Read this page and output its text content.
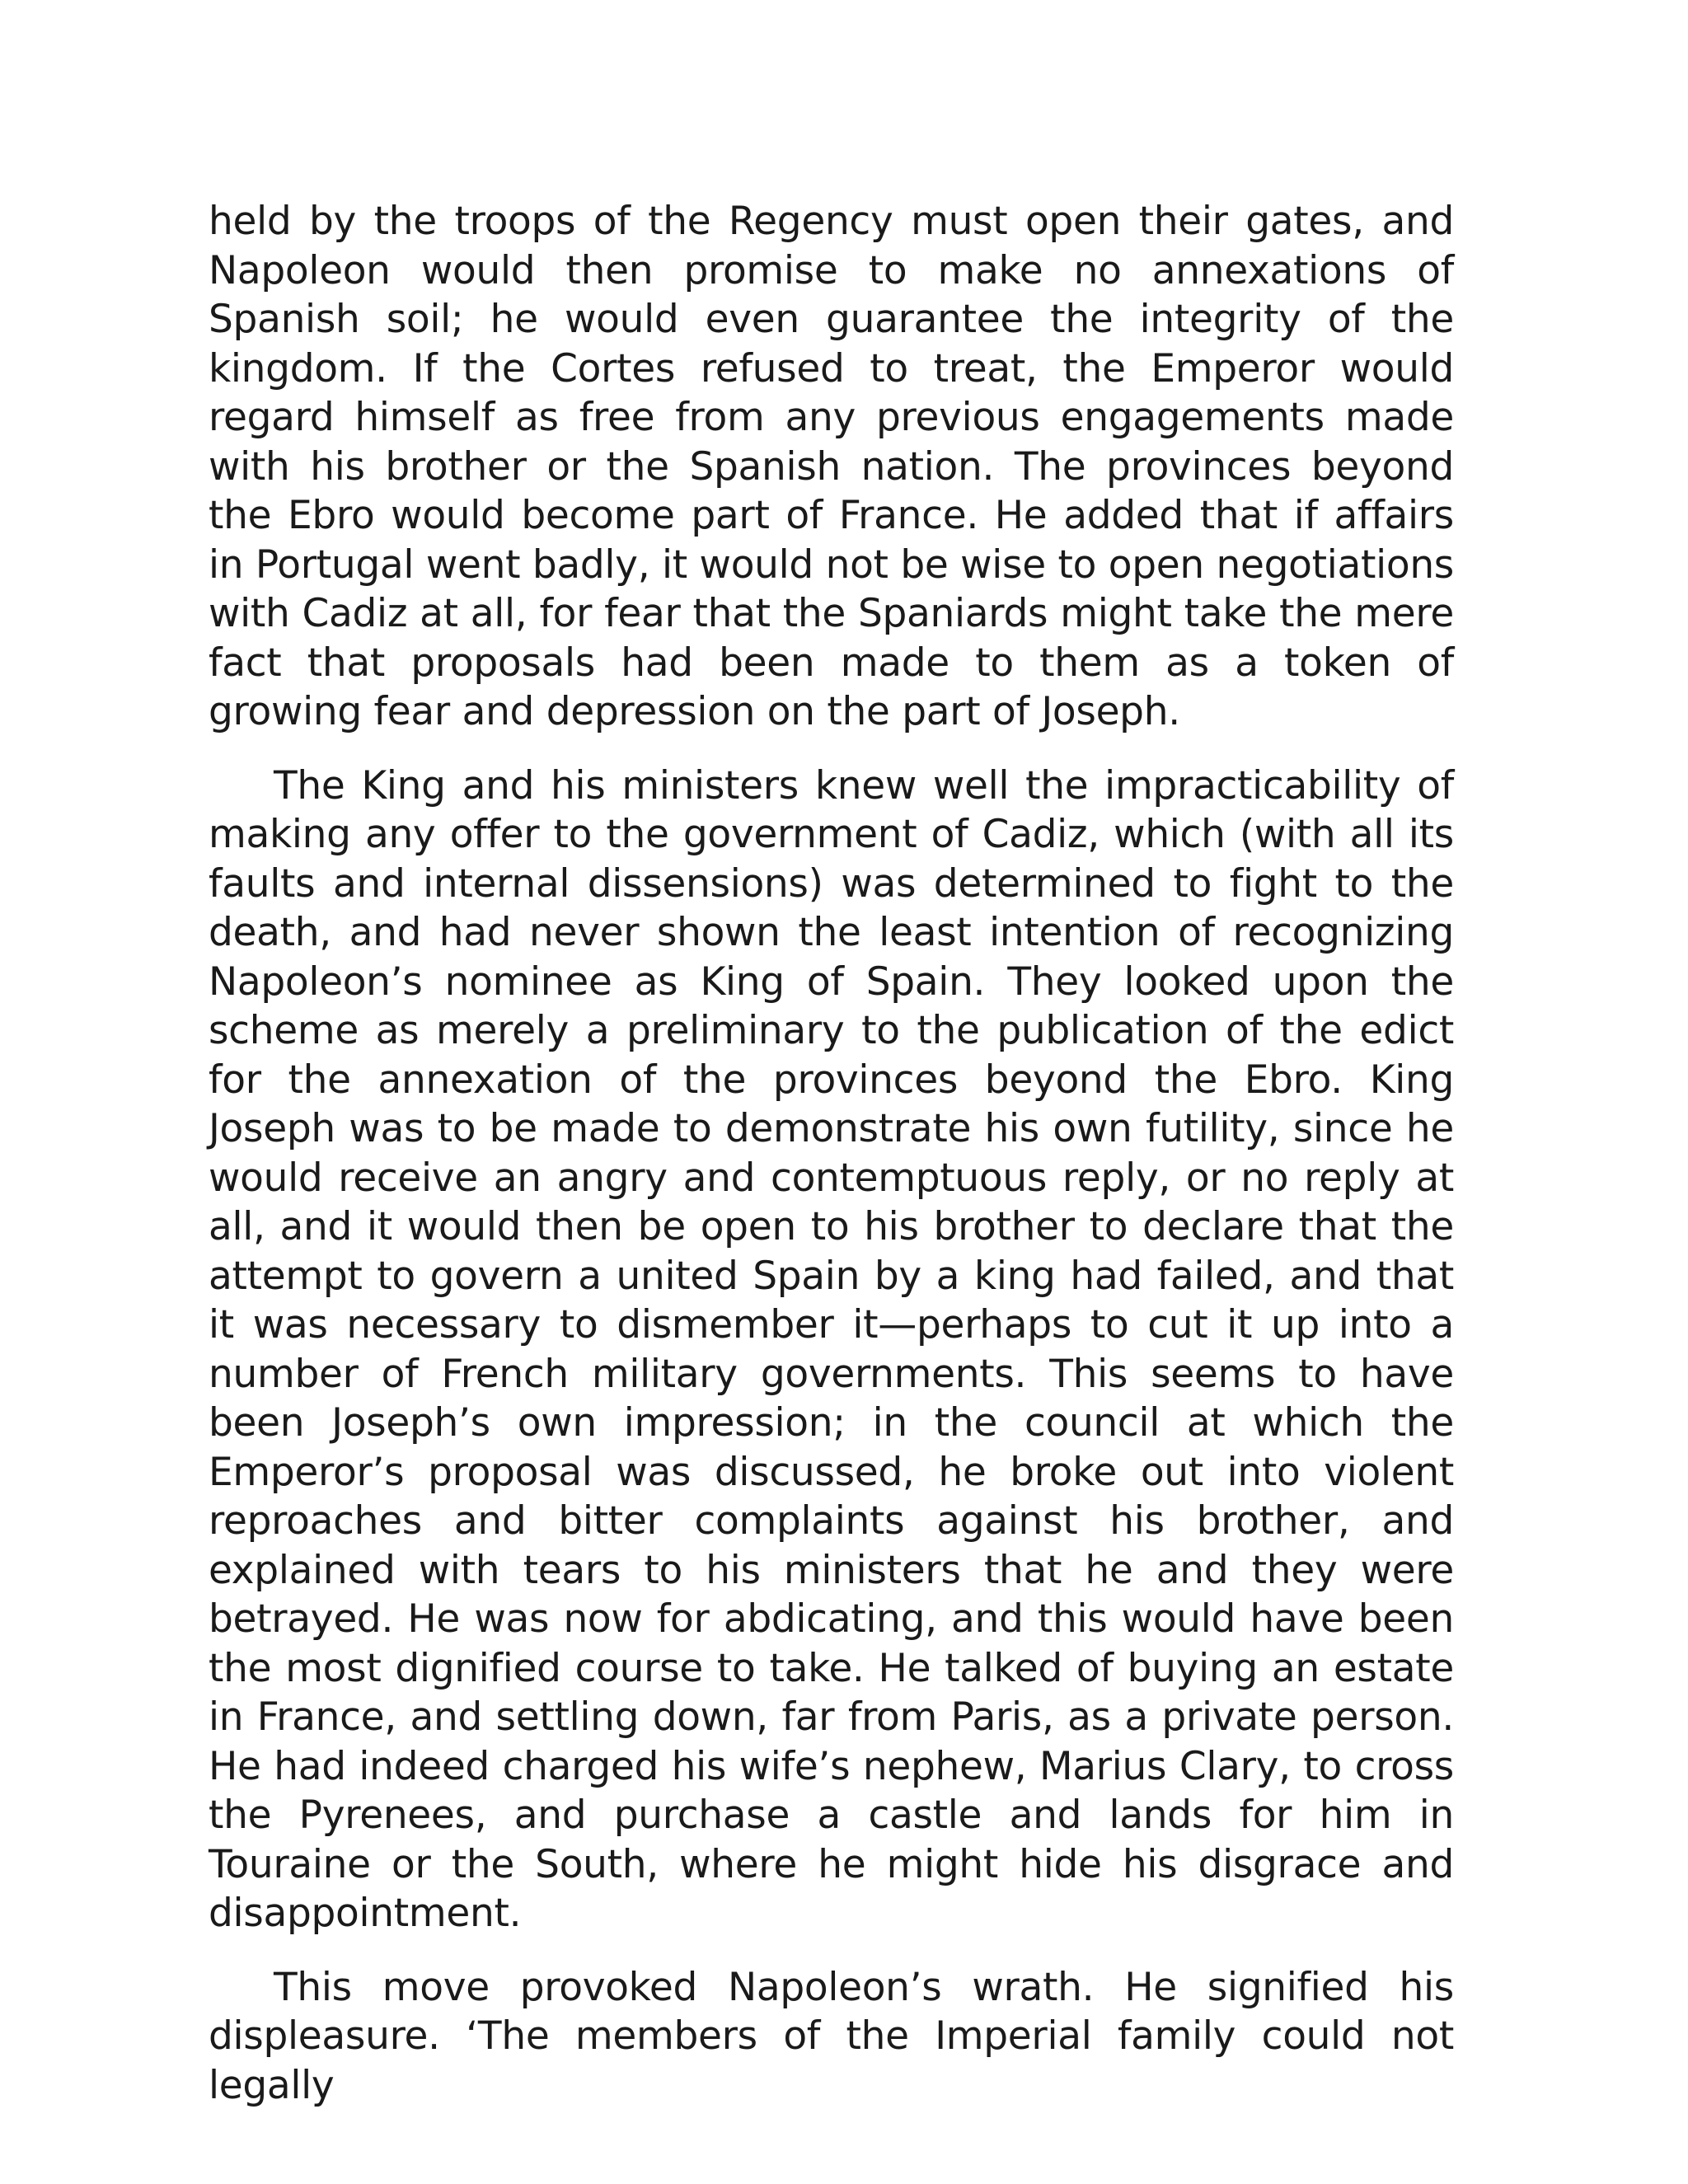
held by the troops of the Regency must open their gates, and Napoleon would then promise to make no annexations of Spanish soil; he would even guarantee the integrity of the kingdom. If the Cortes refused to treat, the Emperor would regard himself as free from any previous engagements made with his brother or the Spanish nation. The provinces beyond the Ebro would become part of France. He added that if affairs in Portugal went badly, it would not be wise to open negotiations with Cadiz at all, for fear that the Spaniards might take the mere fact that proposals had been made to them as a token of growing fear and depression on the part of Joseph.

The King and his ministers knew well the impracticability of making any offer to the government of Cadiz, which (with all its faults and internal dissensions) was determined to fight to the death, and had never shown the least intention of recognizing Napoleon’s nominee as King of Spain. They looked upon the scheme as merely a preliminary to the publication of the edict for the annexation of the provinces beyond the Ebro. King Joseph was to be made to demonstrate his own futility, since he would receive an angry and contemptuous reply, or no reply at all, and it would then be open to his brother to declare that the attempt to govern a united Spain by a king had failed, and that it was necessary to dismember it—perhaps to cut it up into a number of French military governments. This seems to have been Joseph’s own impression; in the council at which the Emperor’s proposal was discussed, he broke out into violent reproaches and bitter complaints against his brother, and explained with tears to his ministers that he and they were betrayed. He was now for abdicating, and this would have been the most dignified course to take. He talked of buying an estate in France, and settling down, far from Paris, as a private person. He had indeed charged his wife’s nephew, Marius Clary, to cross the Pyrenees, and purchase a castle and lands for him in Touraine or the South, where he might hide his disgrace and disappointment.

This move provoked Napoleon’s wrath. He signified his displeasure. ‘The members of the Imperial family could not legally
